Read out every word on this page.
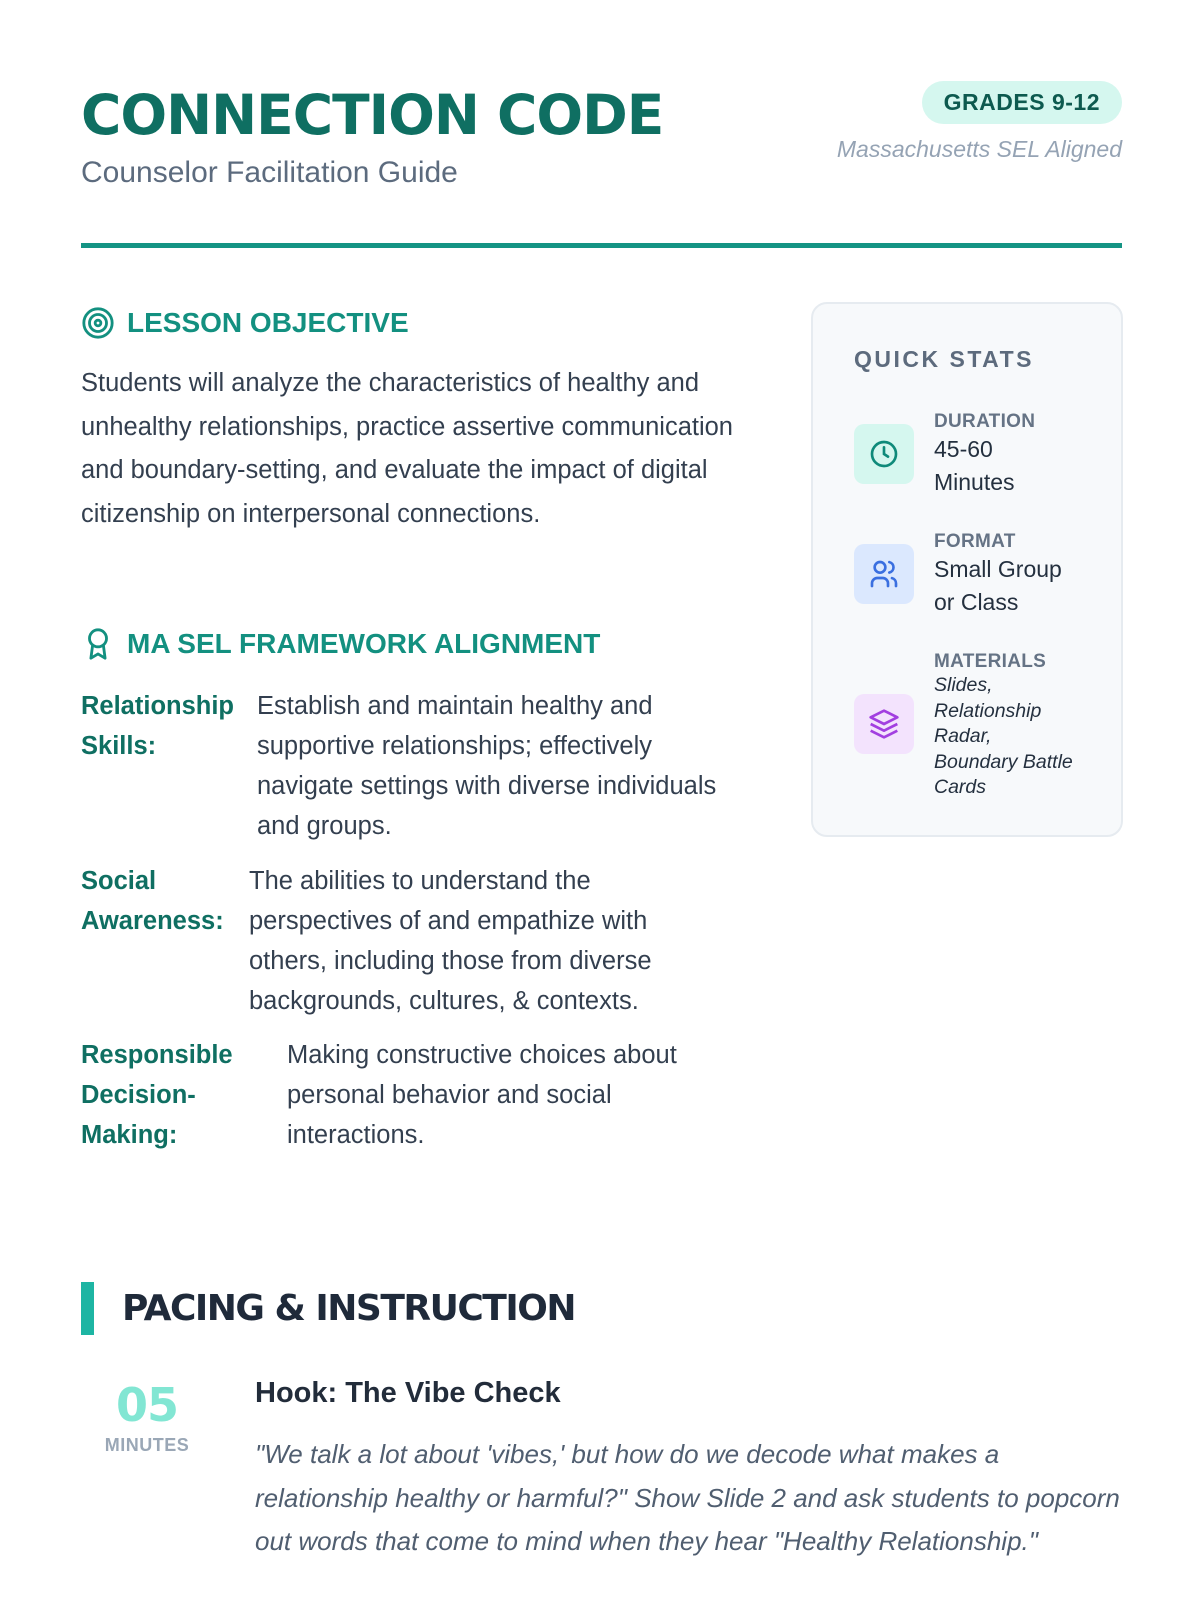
CONNECTION CODE
Counselor Facilitation Guide
GRADES 9-12
Massachusetts SEL Aligned
LESSON OBJECTIVE
Students will analyze the characteristics of healthy and unhealthy relationships, practice assertive communication and boundary-setting, and evaluate the impact of digital citizenship on interpersonal connections.
MA SEL FRAMEWORK ALIGNMENT
Relationship Skills:
Establish and maintain healthy and supportive relationships; effectively navigate settings with diverse individuals and groups.
Social Awareness:
The abilities to understand the perspectives of and empathize with others, including those from diverse backgrounds, cultures, & contexts.
Responsible Decision-Making:
Making constructive choices about personal behavior and social interactions.
QUICK STATS
DURATION
45-60 Minutes
FORMAT
Small Group or Class
MATERIALS
Slides, Relationship Radar, Boundary Battle Cards
PACING & INSTRUCTION
05
MINUTES
Hook: The Vibe Check
"We talk a lot about 'vibes,' but how do we decode what makes a relationship healthy or harmful?" Show Slide 2 and ask students to popcorn out words that come to mind when they hear "Healthy Relationship."
